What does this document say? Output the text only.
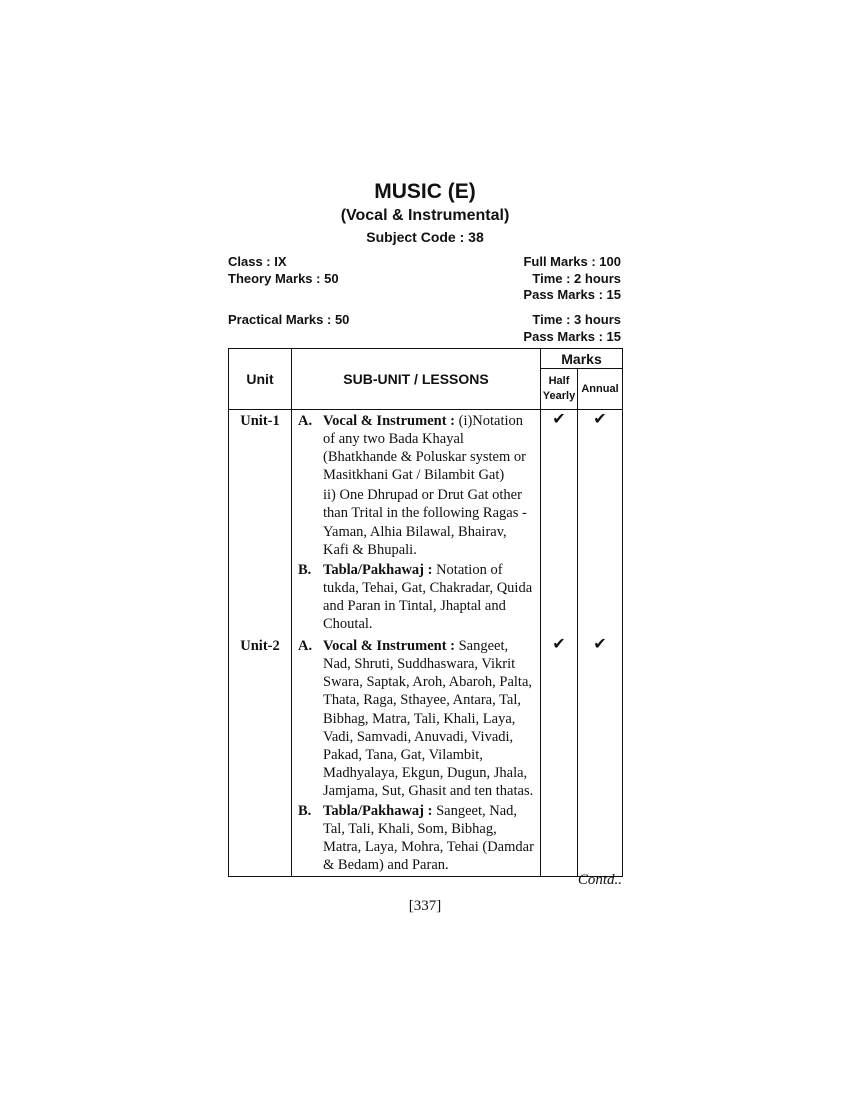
MUSIC (E)
(Vocal & Instrumental)
Subject Code : 38
Class : IX	Full Marks : 100
Theory Marks : 50	Time : 2 hours
Pass Marks : 15
Practical Marks : 50	Time : 3 hours
Pass Marks : 15
Unit	SUB-UNIT / LESSONS	Marks	
		Half Yearly	Annual
Unit-1	A. Vocal & Instrument : (i)Notation of any two Bada Khayal (Bhatkhande & Poluskar system or Masitkhani Gat / Bilambit Gat)
ii) One Dhrupad or Drut Gat other than Trital in the following Ragas - Yaman, Alhia Bilawal, Bhairav, Kafi & Bhupali.
B. Tabla/Pakhawaj : Notation of tukda, Tehai, Gat, Chakradar, Quida and Paran in Tintal, Jhaptal and Choutal.	✔	✔
Unit-2	A. Vocal & Instrument : Sangeet, Nad, Shruti, Suddhaswara, Vikrit Swara, Saptak, Aroh, Abaroh, Palta, Thata, Raga, Sthayee, Antara, Tal, Bibhag, Matra, Tali, Khali, Laya, Vadi, Samvadi, Anuvadi, Vivadi, Pakad, Tana, Gat, Vilambit, Madhyalaya, Ekgun, Dugun, Jhala, Jamjama, Sut, Ghasit and ten thatas.
B. Tabla/Pakhawaj : Sangeet, Nad, Tal, Tali, Khali, Som, Bibhag, Matra, Laya, Mohra, Tehai (Damdar & Bedam) and Paran.	✔	✔
Contd..
[337]
